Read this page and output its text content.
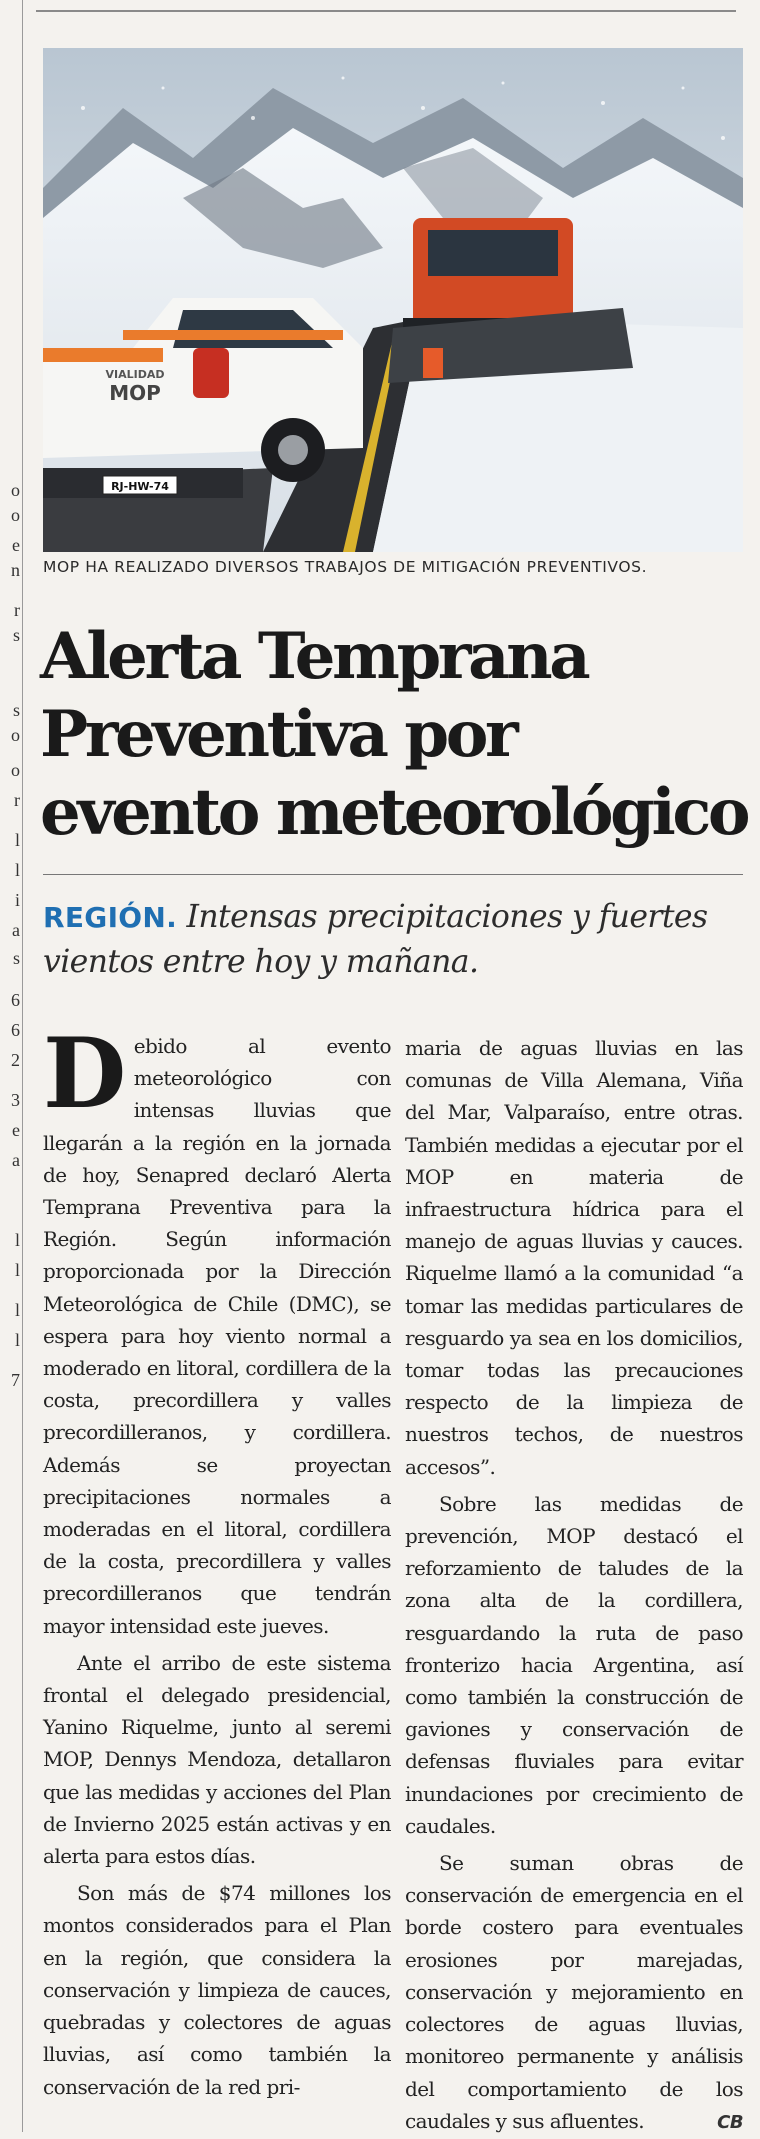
o
o
e
n
r
s
s
o
o
r
l
l
i
a
s
6
6
2
3
e
a
l
l
l
l
7
RJ-HW-74
VIALIDAD
MOP
MOP HA REALIZADO DIVERSOS TRABAJOS DE MITIGACIÓN PREVENTIVOS.
Alerta Temprana
Preventiva por
evento meteorológico
REGIÓN. Intensas precipitaciones y fuertes vientos entre hoy y mañana.

Debido al evento meteorológico con intensas lluvias que llegarán a la región en la jornada de hoy, Senapred declaró Alerta Temprana Preventiva para la Región. Según información proporcionada por la Dirección Meteorológica de Chile (DMC), se espera para hoy viento normal a moderado en litoral, cordillera de la costa, precordillera y valles precordilleranos, y cordillera. Además se proyectan precipitaciones normales a moderadas en el litoral, cordillera de la costa, precordillera y valles precordilleranos que tendrán mayor intensidad este jueves.

Ante el arribo de este sistema frontal el delegado presidencial, Yanino Riquelme, junto al seremi MOP, Dennys Mendoza, detallaron que las medidas y acciones del Plan de Invierno 2025 están activas y en alerta para estos días.

Son más de $74 millones los montos considerados para el Plan en la región, que considera la conservación y limpieza de cauces, quebradas y colectores de aguas lluvias, así como también la conservación de la red pri-

maria de aguas lluvias en las comunas de Villa Alemana, Viña del Mar, Valparaíso, entre otras. También medidas a ejecutar por el MOP en materia de infraestructura hídrica para el manejo de aguas lluvias y cauces. Riquelme llamó a la comunidad “a tomar las medidas particulares de resguardo ya sea en los domicilios, tomar todas las precauciones respecto de la limpieza de nuestros techos, de nuestros accesos”.

Sobre las medidas de prevención, MOP destacó el reforzamiento de taludes de la zona alta de la cordillera, resguardando la ruta de paso fronterizo hacia Argentina, así como también la construcción de gaviones y conservación de defensas fluviales para evitar inundaciones por crecimiento de caudales.

Se suman obras de conservación de emergencia en el borde costero para eventuales erosiones por marejadas, conservación y mejoramiento en colectores de aguas lluvias, monitoreo permanente y análisis del comportamiento de los caudales y sus afluentes.	CB
